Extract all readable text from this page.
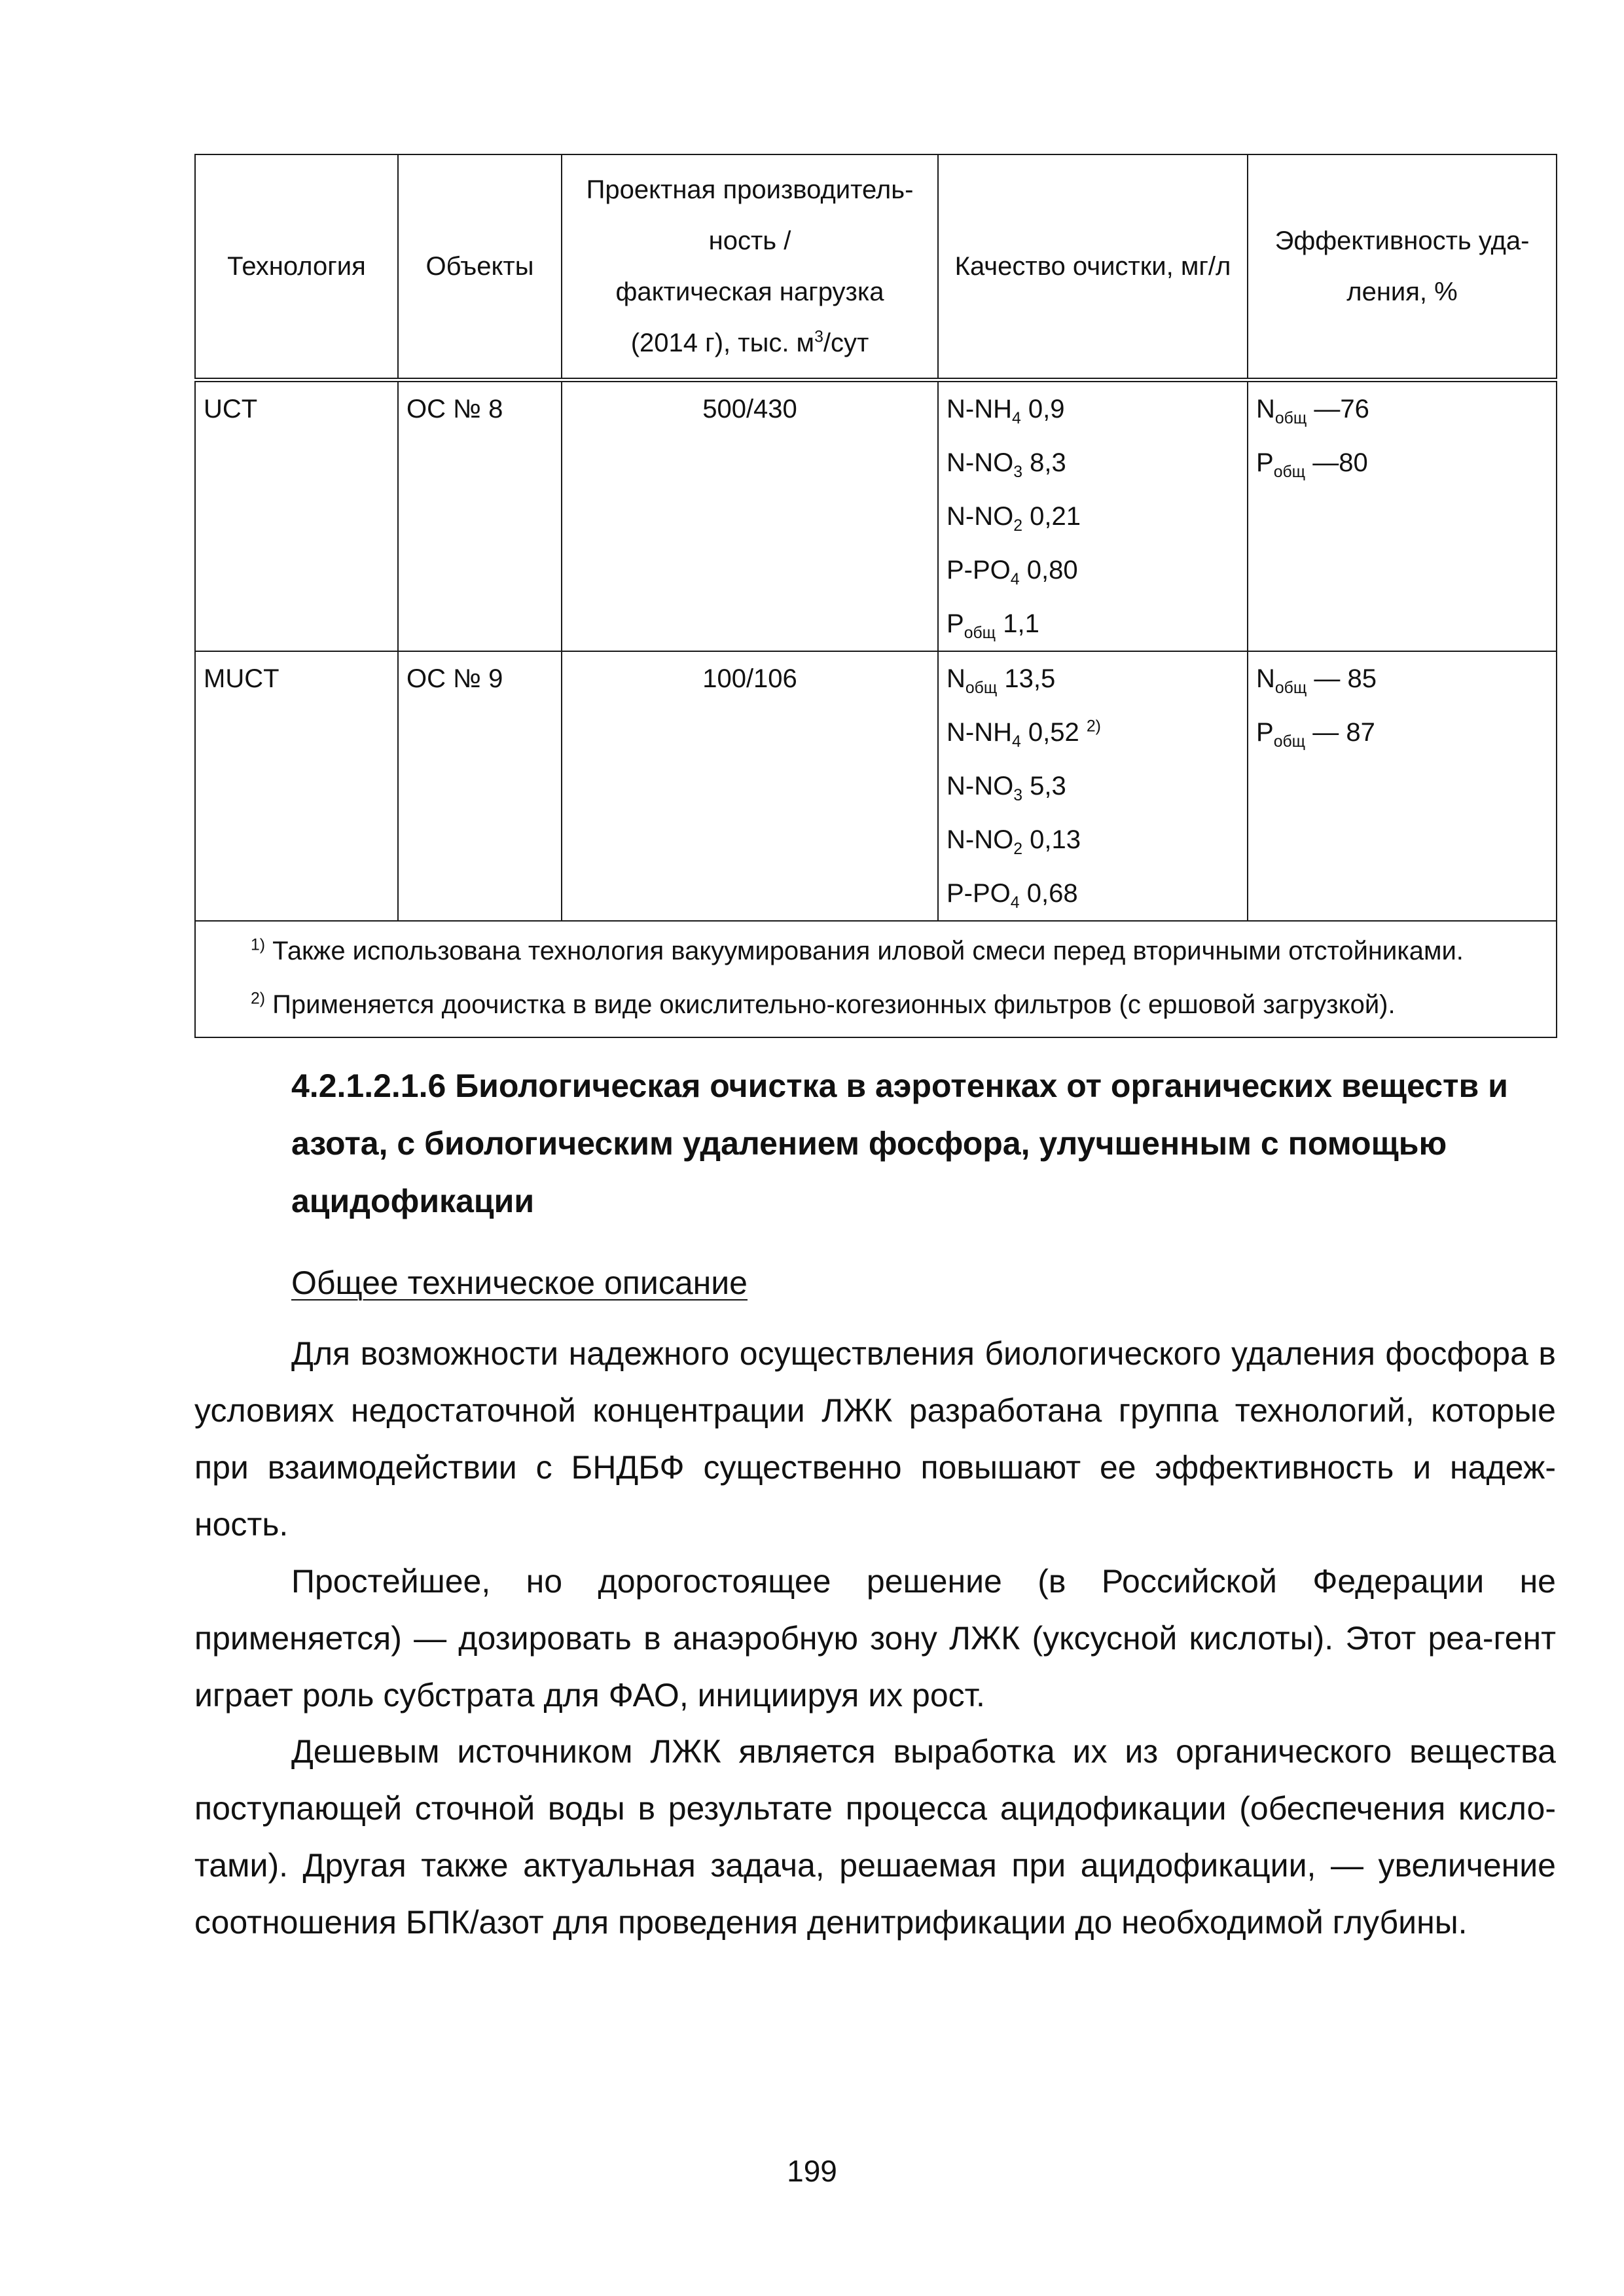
Технология	Объекты	Проектная производитель-
ность /
фактическая нагрузка
(2014 г), тыс. $м^3$/сут	Качество очистки, мг/л	Эффективность уда-
ления, %

UCT	ОС № 8	500/430	$N-NH_4$ 0,9
$N-NO_3$ 8,3
$N-NO_2$ 0,21
$P-PO_4$ 0,80
$P_{общ}$ 1,1	$N_{общ}$ —76
$P_{общ}$ —80

MUCT	ОС № 9	100/106	$N_{общ}$ 13,5
$N-NH_4$ 0,52 $^{2)}$
$N-NO_3$ 5,3
$N-NO_2$ 0,13
$P-PO_4$ 0,68	$N_{общ}$ — 85
$P_{общ}$ — 87

$^{1)}$ Также использована технология вакуумирования иловой смеси перед вторичными отстойниками.
$^{2)}$ Применяется доочистка в виде окислительно-когезионных фильтров (с ершовой загрузкой).				
4.2.1.2.1.6 Биологическая очистка в аэротенках от органических веществ и азота, с биологическим удалением фосфора, улучшенным с помощью ацидофикации
Общее техническое описание

Для возможности надежного осуществления биологического удаления фосфора в условиях недостаточной концентрации ЛЖК разработана группа технологий, которые при взаимодействии с БНДБФ существенно повышают ее эффективность и надеж-ность.

Простейшее, но дорогостоящее решение (в Российской Федерации не применяется) — дозировать в анаэробную зону ЛЖК (уксусной кислоты). Этот реа-гент играет роль субстрата для ФАО, инициируя их рост.

Дешевым источником ЛЖК является выработка их из органического вещества поступающей сточной воды в результате процесса ацидофикации (обеспечения кисло-тами). Другая также актуальная задача, решаемая при ацидофикации, — увеличение соотношения БПК/азот для проведения денитрификации до необходимой глубины.

199
